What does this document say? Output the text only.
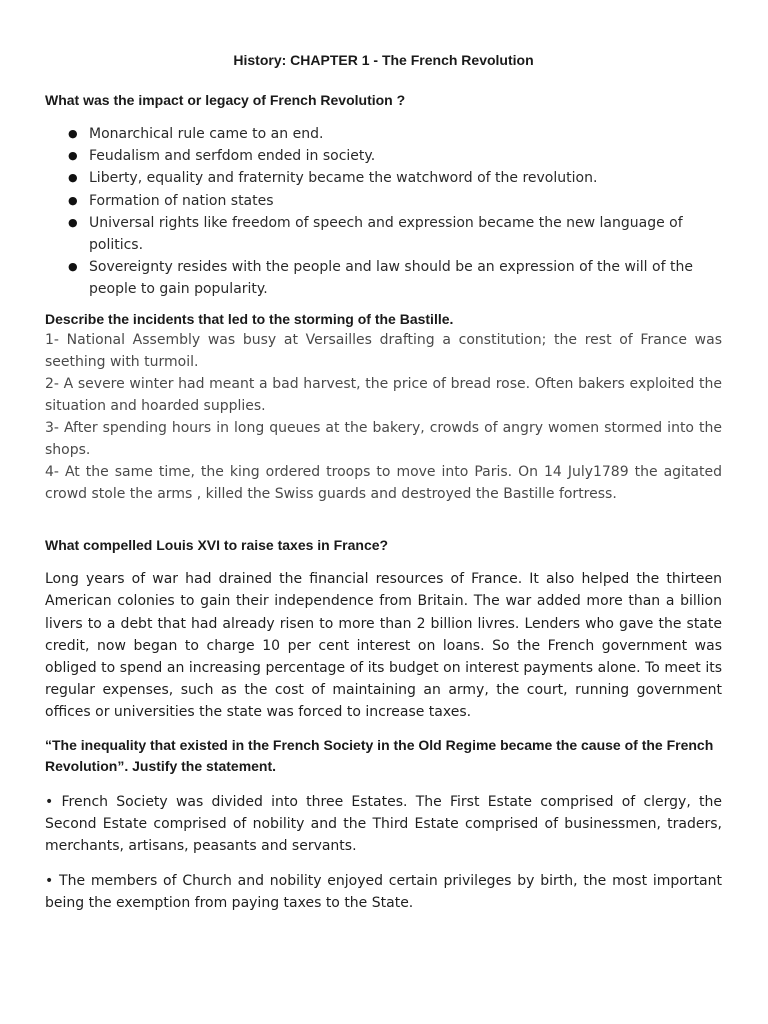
History: CHAPTER 1 - The French Revolution

What was the impact or legacy of French Revolution ?

● Monarchical rule came to an end.
● Feudalism and serfdom ended in society.
● Liberty, equality and fraternity became the watchword of the revolution.
● Formation of nation states
● Universal rights like freedom of speech and expression became the new language of politics.
● Sovereignty resides with the people and law should be an expression of the will of the people to gain popularity.

Describe the incidents that led to the storming of the Bastille.

1- National Assembly was busy at Versailles drafting a constitution; the rest of France was seething with turmoil.

2- A severe winter had meant a bad harvest, the price of bread rose. Often bakers exploited the situation and hoarded supplies.

3- After spending hours in long queues at the bakery, crowds of angry women stormed into the shops.

4- At the same time, the king ordered troops to move into Paris. On 14 July1789 the agitated crowd stole the arms , killed the Swiss guards and destroyed the Bastille fortress.

What compelled Louis XVI to raise taxes in France?

Long years of war had drained the financial resources of France. It also helped the thirteen American colonies to gain their independence from Britain. The war added more than a billion livers to a debt that had already risen to more than 2 billion livres. Lenders who gave the state credit, now began to charge 10 per cent interest on loans. So the French government was obliged to spend an increasing percentage of its budget on interest payments alone. To meet its regular expenses, such as the cost of maintaining an army, the court, running government offices or universities the state was forced to increase taxes.

“The inequality that existed in the French Society in the Old Regime became the cause of the French Revolution”. Justify the statement.

• French Society was divided into three Estates. The First Estate comprised of clergy, the Second Estate comprised of nobility and the Third Estate comprised of businessmen, traders, merchants, artisans, peasants and servants.

• The members of Church and nobility enjoyed certain privileges by birth, the most important being the exemption from paying taxes to the State.
